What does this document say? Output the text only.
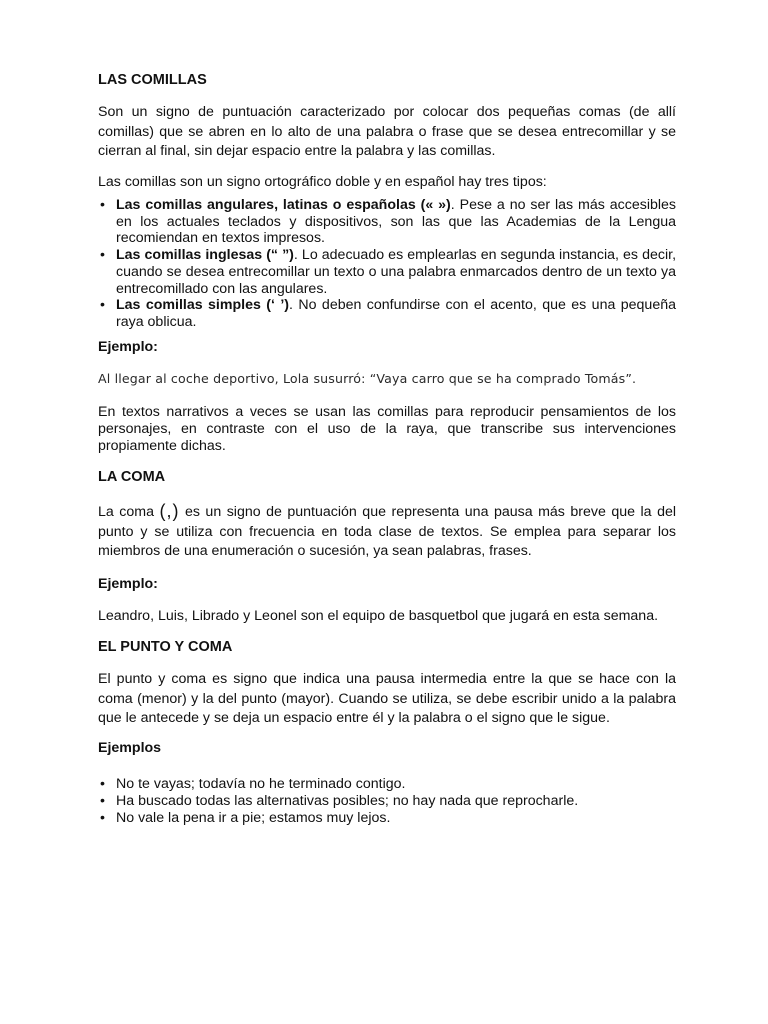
LAS COMILLAS
Son un signo de puntuación caracterizado por colocar dos pequeñas comas (de allí comillas) que se abren en lo alto de una palabra o frase que se desea entrecomillar y se cierran al final, sin dejar espacio entre la palabra y las comillas.
Las comillas son un signo ortográfico doble y en español hay tres tipos:
• Las comillas angulares, latinas o españolas (« »). Pese a no ser las más accesibles en los actuales teclados y dispositivos, son las que las Academias de la Lengua recomiendan en textos impresos.
• Las comillas inglesas (“ ”). Lo adecuado es emplearlas en segunda instancia, es decir, cuando se desea entrecomillar un texto o una palabra enmarcados dentro de un texto ya entrecomillado con las angulares.
• Las comillas simples (‘ ’). No deben confundirse con el acento, que es una pequeña raya oblicua.
Ejemplo:
Al llegar al coche deportivo, Lola susurró: “Vaya carro que se ha comprado Tomás”.
En textos narrativos a veces se usan las comillas para reproducir pensamientos de los personajes, en contraste con el uso de la raya, que transcribe sus intervenciones propiamente dichas.
LA COMA
La coma (,) es un signo de puntuación que representa una pausa más breve que la del punto y se utiliza con frecuencia en toda clase de textos. Se emplea para separar los miembros de una enumeración o sucesión, ya sean palabras, frases.
Ejemplo:
Leandro, Luis, Librado y Leonel son el equipo de basquetbol que jugará en esta semana.
EL PUNTO Y COMA
El punto y coma es signo que indica una pausa intermedia entre la que se hace con la coma (menor) y la del punto (mayor). Cuando se utiliza, se debe escribir unido a la palabra que le antecede y se deja un espacio entre él y la palabra o el signo que le sigue.
Ejemplos
• No te vayas; todavía no he terminado contigo.
• Ha buscado todas las alternativas posibles; no hay nada que reprocharle.
• No vale la pena ir a pie; estamos muy lejos.
